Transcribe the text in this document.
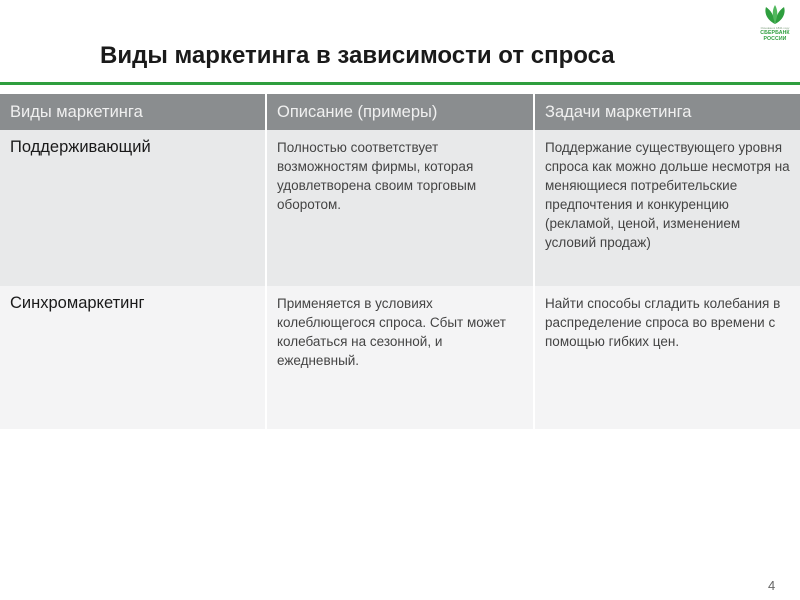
Основан в 1841 году
СБЕРБАНК
РОССИИ
Виды маркетинга в зависимости от спроса
Виды маркетинга	Описание (примеры)	Задачи маркетинга
Поддерживающий	Полностью соответствует возможностям фирмы, которая удовлетворена своим торговым оборотом.	Поддержание существующего уровня спроса как можно дольше несмотря на меняющиеся потребительские предпочтения и конкуренцию (рекламой, ценой, изменением условий продаж)
Синхромаркетинг	Применяется в условиях колеблющегося спроса. Сбыт может колебаться на сезонной, и ежедневный.	Найти способы сгладить колебания в распределение спроса во времени с помощью гибких цен.
4
